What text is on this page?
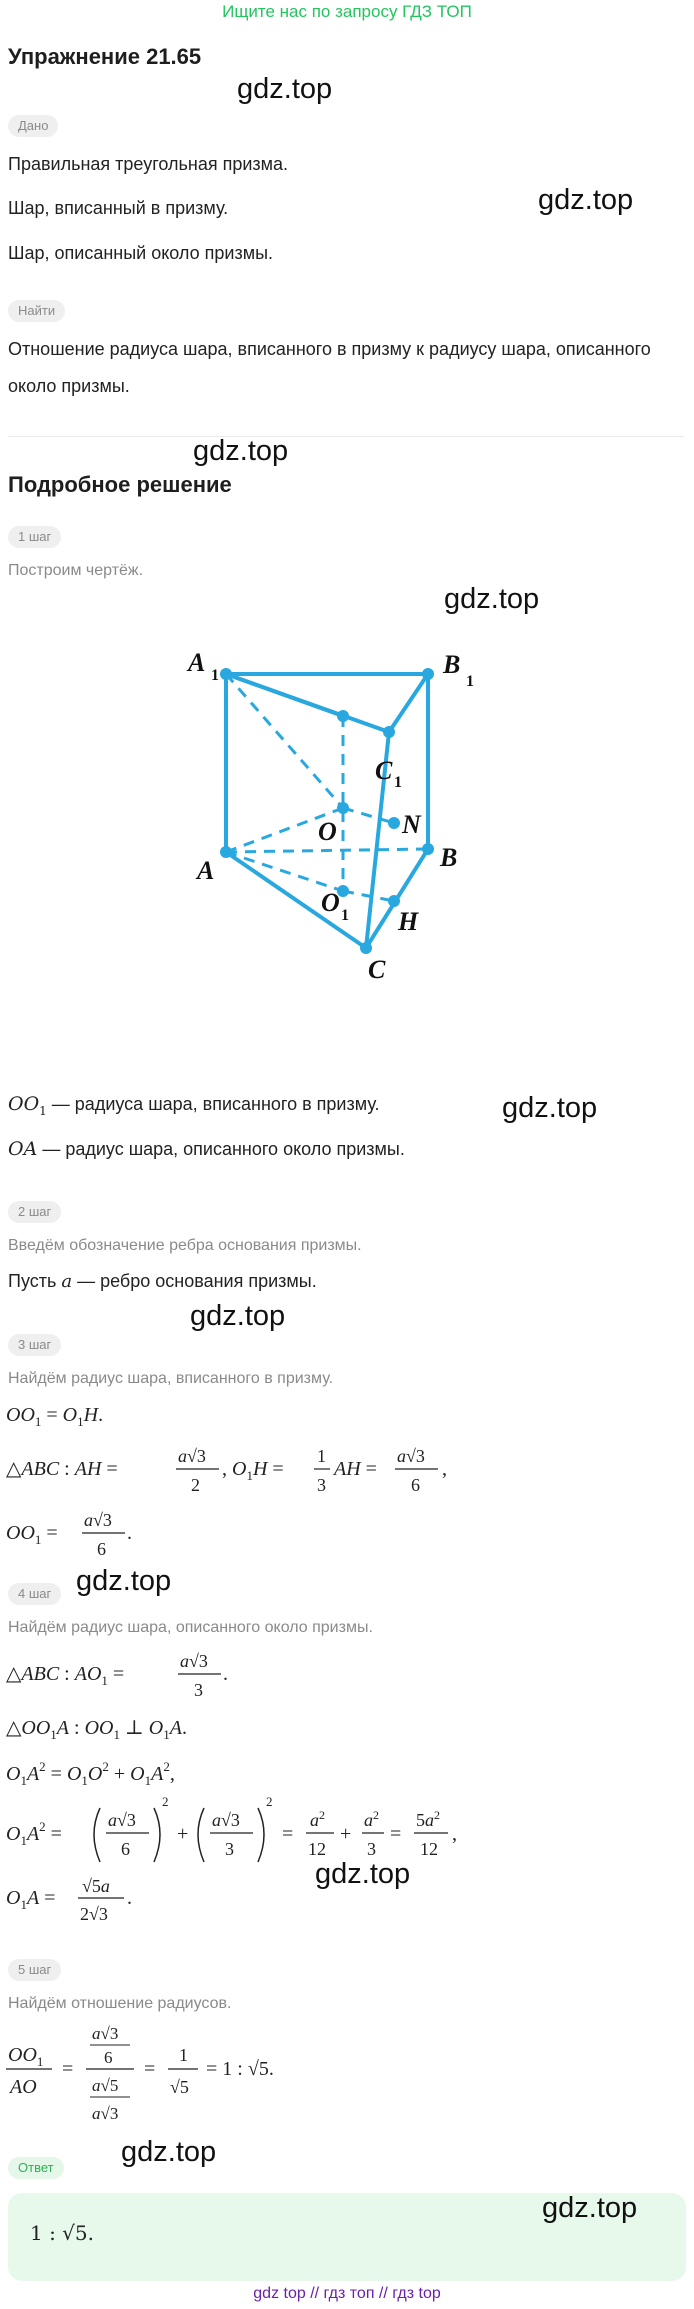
Ищите нас по запросу ГДЗ ТОП
Упражнение 21.65
Дано
Правильная треугольная призма.
Шар, вписанный в призму.
Шар, описанный около призмы.
Найти
Отношение радиуса шара, вписанного в призму к радиусу шара, описанного
около призмы.
Подробное решение
1 шаг
Построим чертёж.
A 1	B
1
C 1
O	N
A	B
O 1 H
C
$OO_1$ — радиуса шара, вписанного в призму.
OA — радиус шара, описанного около призмы.
2 шаг
Введём обозначение ребра основания призмы.
Пусть a — ребро основания призмы.
3 шаг
Найдём радиус шара, вписанного в призму.
$OO_1 = O_1H$.
△ABC : AH =
a√3
2
, $O_1H$ =
1
3
AH =
a√3
6
,
$OO_1$ =
a√3
6
.
4 шаг
Найдём радиус шара, описанного около призмы.
△ABC : $AO_1$ =
a√3
3
.
$\triangle OO_1A$ : $OO_1$ ⊥ $O_1A$.
$O_1A^2 = O_1O^2 + O_1A^2$,
$O_1A^2$ =
a√3
6
2
+
a√3
3
2
=
$a^2$
12
+
$a^2$
3
=
$5a^2$
12
,
$O_1A$ =
√5a
2√3
.
5 шаг
Найдём отношение радиусов.
$OO_1$
AO
=
a√3
6
a√5
a√3
=
1
√5
= 1 : √5.
Ответ
1 : √5.
gdz.top
gdz.top
gdz.top
gdz.top
gdz.top
gdz.top
gdz.top
gdz.top
gdz.top
gdz.top
gdz top // гдз топ // гдз top
